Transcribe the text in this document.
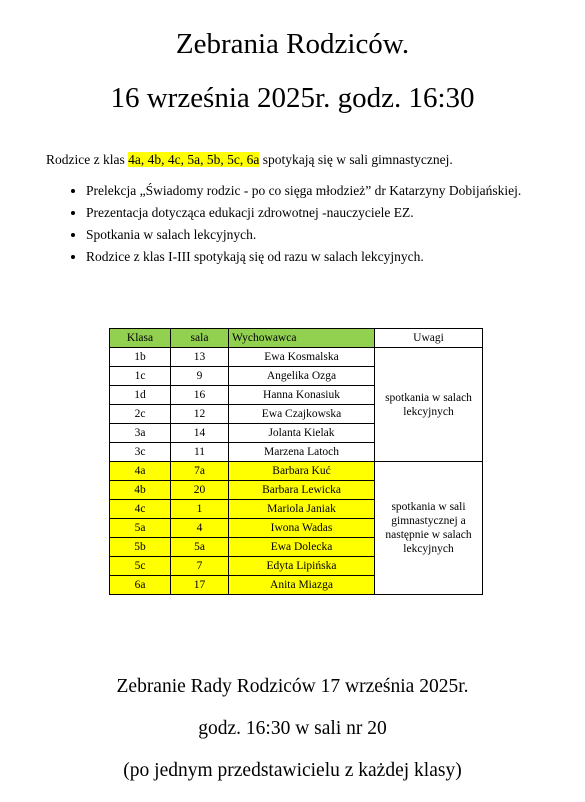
Zebrania Rodziców.
16 września 2025r. godz. 16:30
Rodzice z klas 4a, 4b, 4c, 5a, 5b, 5c, 6a spotykają się w sali gimnastycznej.
• Prelekcja „Świadomy rodzic - po co sięga młodzież” dr Katarzyny Dobijańskiej.
• Prezentacja dotycząca edukacji zdrowotnej -nauczyciele EZ.
• Spotkania w salach lekcyjnych.
• Rodzice z klas I-III spotykają się od razu w salach lekcyjnych.
Klasa	sala	Wychowawca	Uwagi
1b	13	Ewa Kosmalska	spotkania w salach lekcyjnych
1c	9	Angelika Ozga	
1d	16	Hanna Konasiuk	
2c	12	Ewa Czajkowska	
3a	14	Jolanta Kielak	
3c	11	Marzena Latoch	
4a	7a	Barbara Kuć	spotkania w sali gimnastycznej a następnie w salach lekcyjnych
4b	20	Barbara Lewicka	
4c	1	Mariola Janiak	
5a	4	Iwona Wadas	
5b	5a	Ewa Dolecka	
5c	7	Edyta Lipińska	
6a	17	Anita Miazga	
Zebranie Rady Rodziców 17 września 2025r.
godz. 16:30 w sali nr 20
(po jednym przedstawicielu z każdej klasy)
